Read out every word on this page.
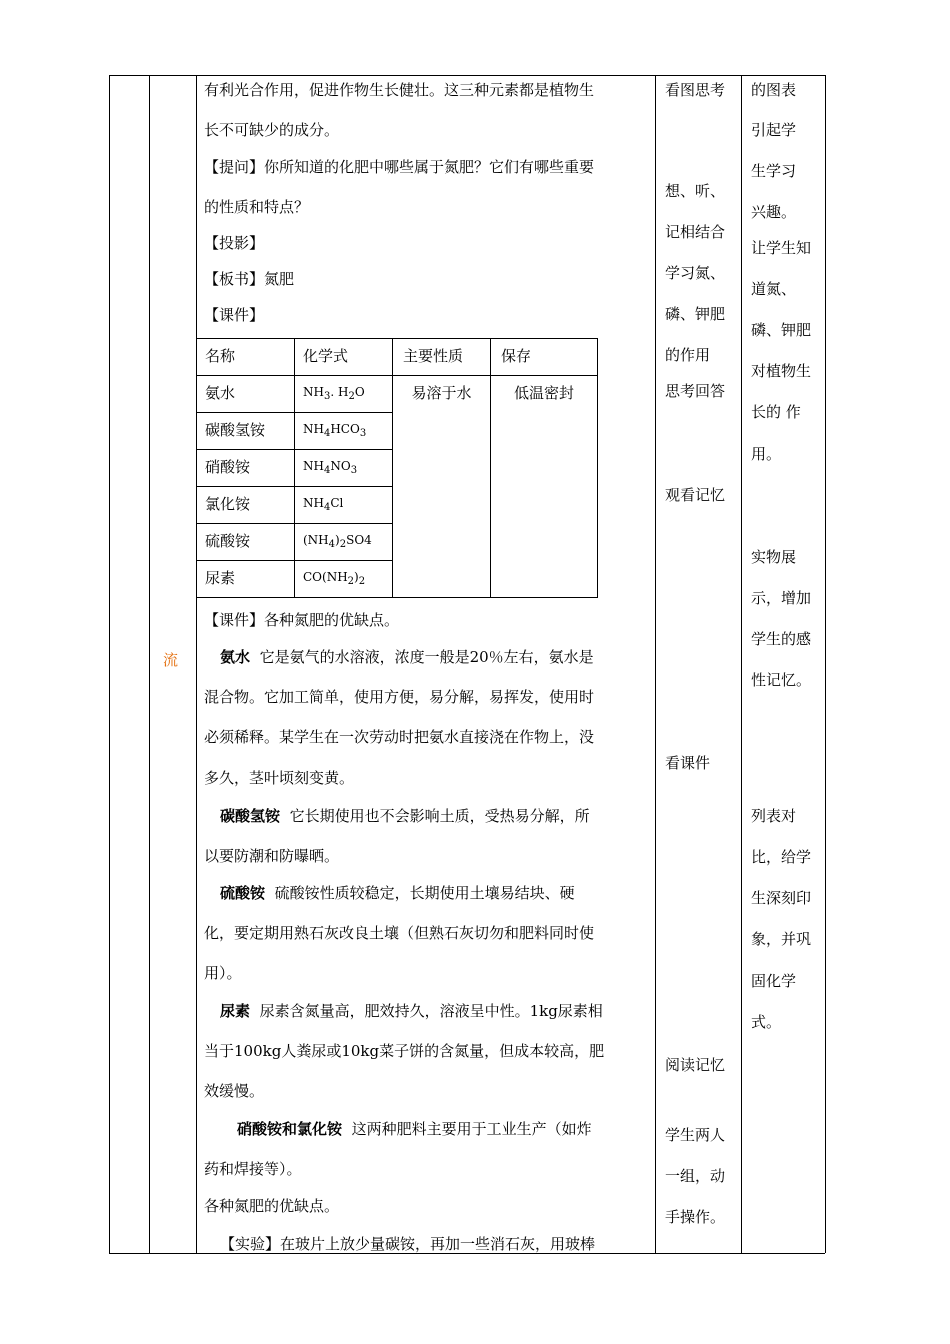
流
有利光合作用，促进作物生长健壮。这三种元素都是植物生
长不可缺少的成分。
【提问】你所知道的化肥中哪些属于氮肥？它们有哪些重要
的性质和特点？
【投影】
【板书】氮肥
【课件】
名称	化学式	主要性质	保存
氨水	$NH_3$. $H_2O$	易溶于水	低温密封
碳酸氢铵	$NH_4HCO_3$
硝酸铵	$NH_4NO_3$
氯化铵	$NH_4Cl$		
硫酸铵	$(NH_4)_2SO4$		
尿素	$CO(NH_2)_2$
【课件】各种氮肥的优缺点。
氨水 它是氨气的水溶液，浓度一般是20％左右，氨水是
混合物。它加工简单，使用方便，易分解，易挥发，使用时
必须稀释。某学生在一次劳动时把氨水直接浇在作物上，没
多久，茎叶顷刻变黄。
碳酸氢铵 它长期使用也不会影响土质，受热易分解，所
以要防潮和防曝晒。
硫酸铵 硫酸铵性质较稳定，长期使用土壤易结块、硬
化，要定期用熟石灰改良土壤（但熟石灰切勿和肥料同时使
用）。
尿素 尿素含氮量高，肥效持久，溶液呈中性。1kg尿素相
当于100kg人粪尿或10kg菜子饼的含氮量，但成本较高，肥
效缓慢。
硝酸铵和氯化铵 这两种肥料主要用于工业生产（如炸
药和焊接等）。
各种氮肥的优缺点。
【实验】在玻片上放少量碳铵，再加一些消石灰，用玻棒
看图思考
想、听、
记相结合
学习氮、
磷、钾肥
的作用
思考回答
观看记忆
看课件
阅读记忆
学生两人
一组，动
手操作。
的图表
引起学
生学习
兴趣。
让学生知
道氮、
磷、钾肥
对植物生
长的 作
用。
实物展
示，增加
学生的感
性记忆。
列表对
比，给学
生深刻印
象，并巩
固化学
式。
